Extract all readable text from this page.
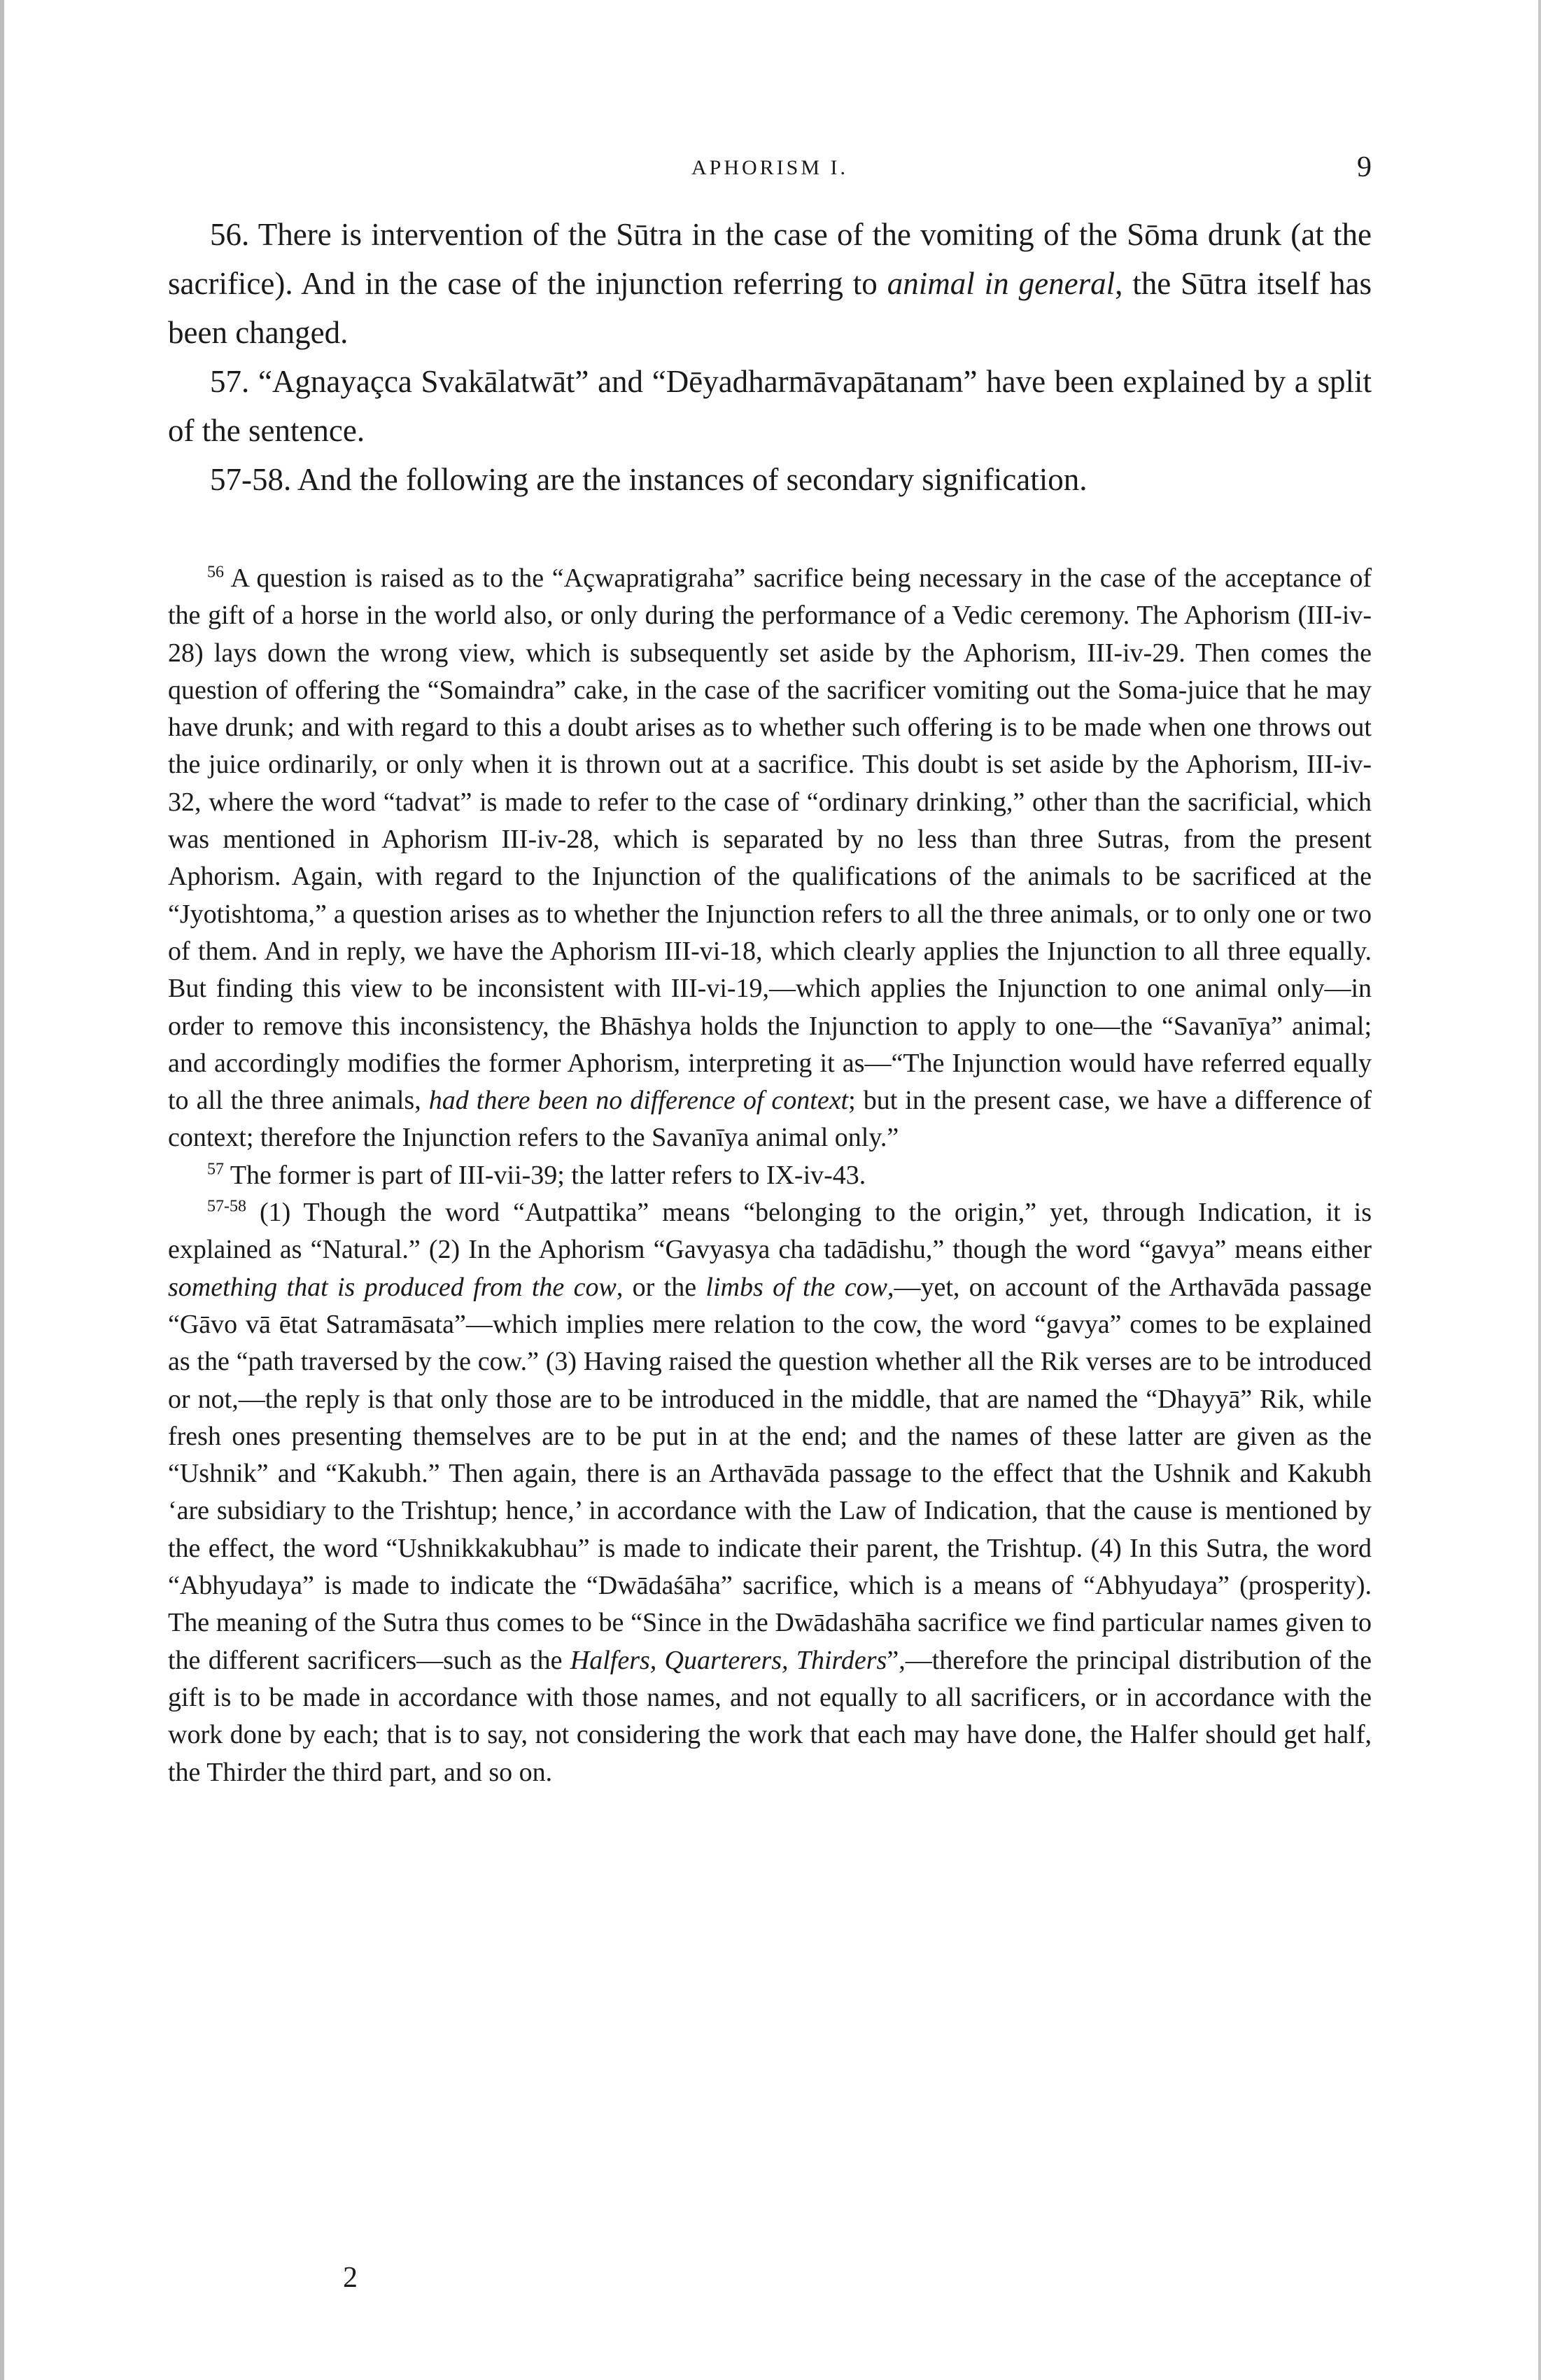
APHORISM I.	9

56. There is intervention of the Sūtra in the case of the vomiting of the Sōma drunk (at the sacrifice). And in the case of the injunction referring to animal in general, the Sūtra itself has been changed.

57. “Agnayaçca Svakālatwāt” and “Dēyadharmāvapātanam” have been explained by a split of the sentence.

57-58. And the following are the instances of secondary signification.

$^{56}$ A question is raised as to the “Açwapratigraha” sacrifice being necessary in the case of the acceptance of the gift of a horse in the world also, or only during the performance of a Vedic ceremony. The Aphorism (III-iv-28) lays down the wrong view, which is subsequently set aside by the Aphorism, III-iv-29. Then comes the question of offering the “Somaindra” cake, in the case of the sacrificer vomiting out the Soma-juice that he may have drunk; and with regard to this a doubt arises as to whether such offering is to be made when one throws out the juice ordinarily, or only when it is thrown out at a sacrifice. This doubt is set aside by the Aphorism, III-iv-32, where the word “tadvat” is made to refer to the case of “ordinary drinking,” other than the sacrificial, which was mentioned in Aphorism III-iv-28, which is separated by no less than three Sutras, from the present Aphorism. Again, with regard to the Injunction of the qualifications of the animals to be sacrificed at the “Jyotishtoma,” a question arises as to whether the Injunction refers to all the three animals, or to only one or two of them. And in reply, we have the Aphorism III-vi-18, which clearly applies the Injunction to all three equally. But finding this view to be inconsistent with III-vi-19,—which applies the Injunction to one animal only—in order to remove this inconsistency, the Bhāshya holds the Injunction to apply to one—the “Savanīya” animal; and accordingly modifies the former Aphorism, interpreting it as—“The Injunction would have referred equally to all the three animals, had there been no difference of context; but in the present case, we have a difference of context; therefore the Injunction refers to the Savanīya animal only.”

$^{57}$ The former is part of III-vii-39; the latter refers to IX-iv-43.

$^{57-58}$ (1) Though the word “Autpattika” means “belonging to the origin,” yet, through Indication, it is explained as “Natural.” (2) In the Aphorism “Gavyasya cha tadādishu,” though the word “gavya” means either something that is produced from the cow, or the limbs of the cow,—yet, on account of the Arthavāda passage “Gāvo vā ētat Satramāsata”—which implies mere relation to the cow, the word “gavya” comes to be explained as the “path traversed by the cow.” (3) Having raised the question whether all the Rik verses are to be introduced or not,—the reply is that only those are to be introduced in the middle, that are named the “Dhayyā” Rik, while fresh ones presenting themselves are to be put in at the end; and the names of these latter are given as the “Ushnik” and “Kakubh.” Then again, there is an Arthavāda passage to the effect that the Ushnik and Kakubh ‘are subsidiary to the Trishtup; hence,’ in accordance with the Law of Indication, that the cause is mentioned by the effect, the word “Ushnikkakubhau” is made to indicate their parent, the Trishtup. (4) In this Sutra, the word “Abhyudaya” is made to indicate the “Dwādaśāha” sacrifice, which is a means of “Abhyudaya” (prosperity). The meaning of the Sutra thus comes to be “Since in the Dwādashāha sacrifice we find particular names given to the different sacrificers—such as the Halfers, Quarterers, Thirders”,—therefore the principal distribution of the gift is to be made in accordance with those names, and not equally to all sacrificers, or in accordance with the work done by each; that is to say, not considering the work that each may have done, the Halfer should get half, the Thirder the third part, and so on.

2
